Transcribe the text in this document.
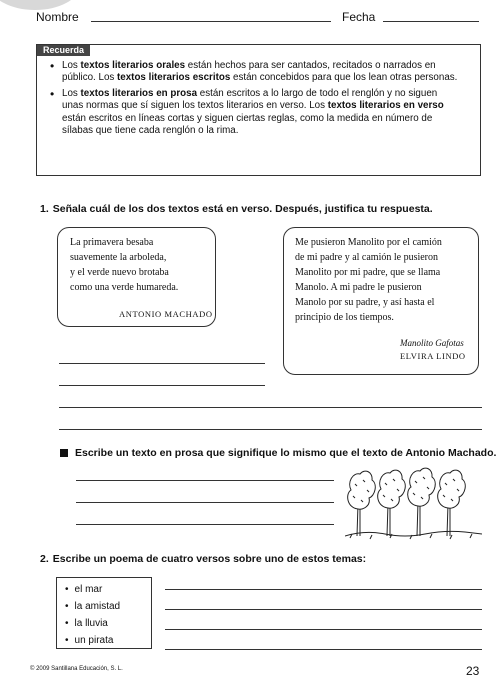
Nombre	Fecha
Recuerda
• Los textos literarios orales están hechos para ser cantados, recitados o narrados en público. Los textos literarios escritos están concebidos para que los lean otras personas.
• Los textos literarios en prosa están escritos a lo largo de todo el renglón y no siguen unas normas que sí siguen los textos literarios en verso. Los textos literarios en verso están escritos en líneas cortas y siguen ciertas reglas, como la medida en número de sílabas que tiene cada renglón o la rima.
1. Señala cuál de los dos textos está en verso. Después, justifica tu respuesta.
La primavera besaba
suavemente la arboleda,
y el verde nuevo brotaba
como una verde humareda.
ANTONIO MACHADO
Me pusieron Manolito por el camión
de mi padre y al camión le pusieron
Manolito por mi padre, que se llama
Manolo. A mi padre le pusieron
Manolo por su padre, y así hasta el
principio de los tiempos.
Manolito Gafotas
ELVIRA LINDO
Escribe un texto en prosa que signifique lo mismo que el texto de Antonio Machado.
2. Escribe un poema de cuatro versos sobre uno de estos temas:
• el mar
• la amistad
• la lluvia
• un pirata
© 2009 Santillana Educación, S. L.	23
